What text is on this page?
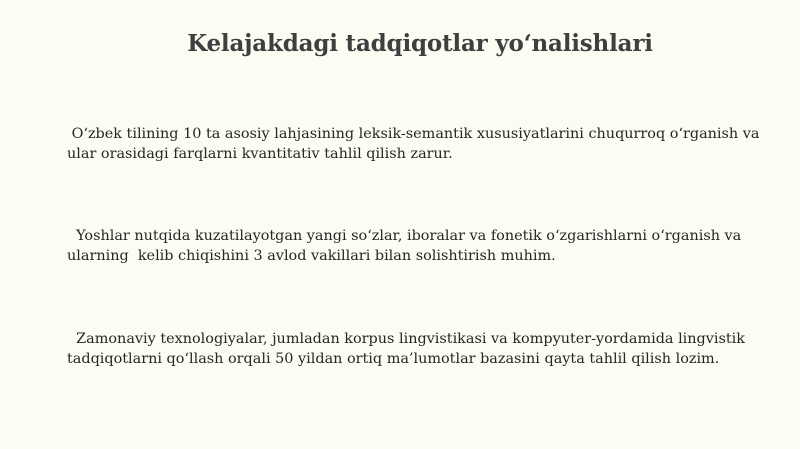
Kelajakdagi tadqiqotlar yo‘nalishlari

O‘zbek tilining 10 ta asosiy lahjasining leksik-semantik xususiyatlarini chuqurroq o‘rganish va
ular orasidagi farqlarni kvantitativ tahlil qilish zarur.

Yoshlar nutqida kuzatilayotgan yangi so‘zlar, iboralar va fonetik o‘zgarishlarni o‘rganish va
ularning  kelib chiqishini 3 avlod vakillari bilan solishtirish muhim.

Zamonaviy texnologiyalar, jumladan korpus lingvistikasi va kompyuter-yordamida lingvistik
tadqiqotlarni qo‘llash orqali 50 yildan ortiq ma’lumotlar bazasini qayta tahlil qilish lozim.
